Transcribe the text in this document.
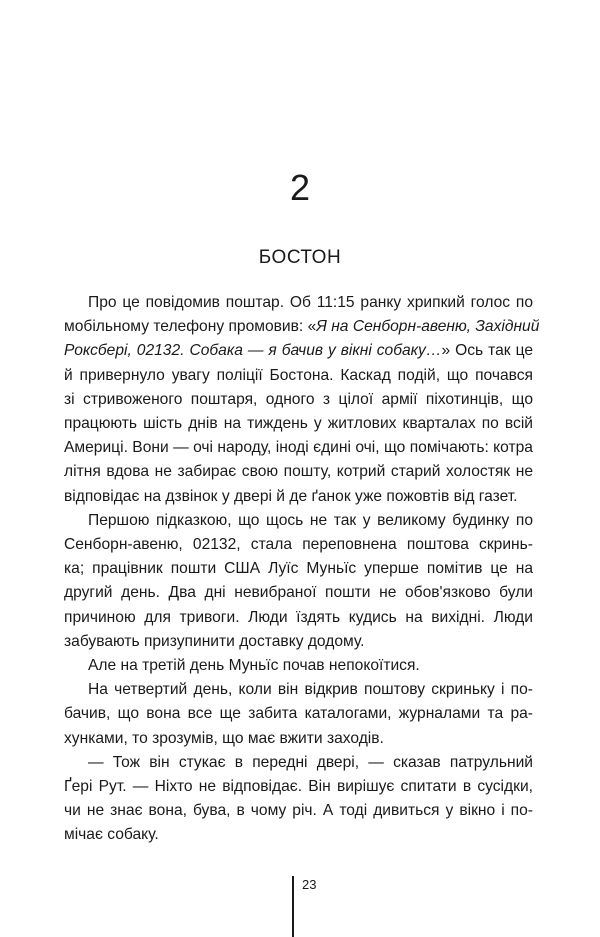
2
БОСТОН
Про це повідомив поштар. Об 11:15 ранку хрипкий голос по
мобільному телефону промовив: «Я на Сенборн-авеню, Західний
Роксбері, 02132. Собака — я бачив у вікні собаку…» Ось так це
й привернуло увагу поліції Бостона. Каскад подій, що почався
зі стривоженого поштаря, одного з цілої армії піхотинців, що
працюють шість днів на тиждень у житлових кварталах по всій
Америці. Вони — очі народу, іноді єдині очі, що помічають: котра
літня вдова не забирає свою пошту, котрий старий холостяк не
відповідає на дзвінок у двері й де ґанок уже пожовтів від газет.
Першою підказкою, що щось не так у великому будинку по
Сенборн-авеню, 02132, стала переповнена поштова скринь-
ка; працівник пошти США Луїс Муньїс уперше помітив це на
другий день. Два дні невибраної пошти не обов'язково були
причиною для тривоги. Люди їздять кудись на вихідні. Люди
забувають призупинити доставку додому.
Але на третій день Муньїс почав непокоїтися.
На четвертий день, коли він відкрив поштову скриньку і по-
бачив, що вона все ще забита каталогами, журналами та ра-
хунками, то зрозумів, що має вжити заходів.
— Тож він стукає в передні двері, — сказав патрульний
Ґері Рут. — Ніхто не відповідає. Він вирішує спитати в сусідки,
чи не знає вона, бува, в чому річ. А тоді дивиться у вікно і по-
мічає собаку.
23
